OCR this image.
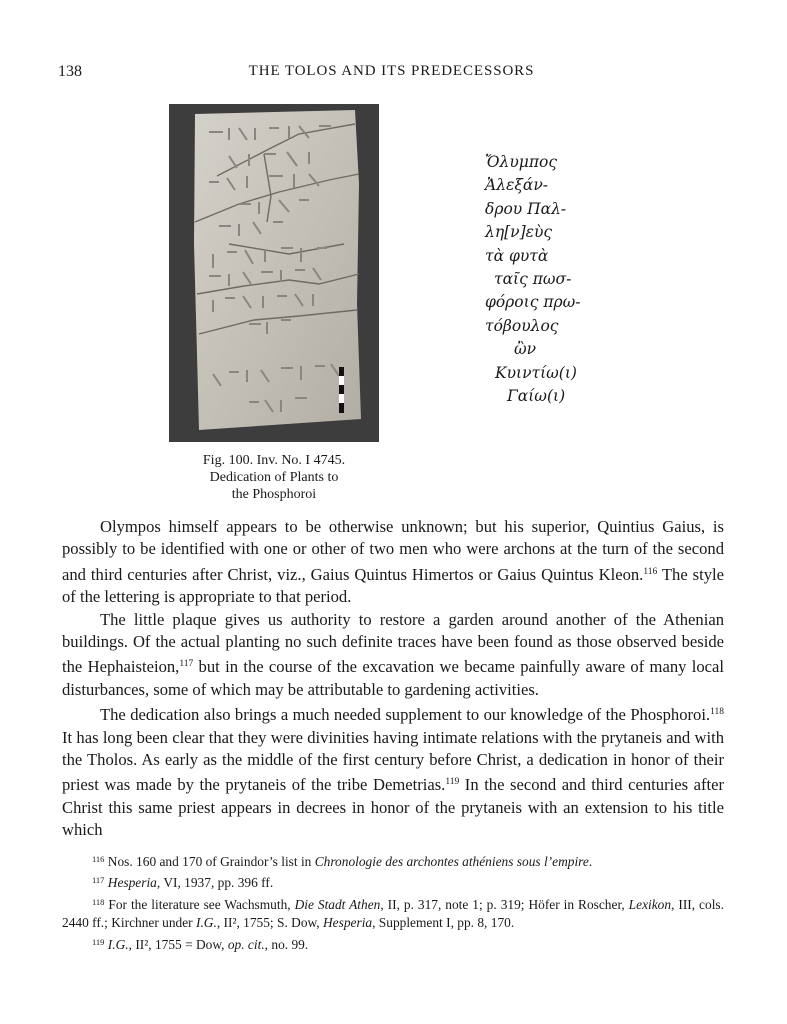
138	THE TOLOS AND ITS PREDECESSORS
Fig. 100. Inv. No. I 4745.
Dedication of Plants to
the Phosphoroi
Ὄλυμπος
Ἀλεξάν-
δρου Παλ-
λη[ν]εὺς
τὰ φυτὰ
ταῖς πωσ-
φόροις πρω-
τόβουλος
ὢν
Κυιντίω(ι)
Γαίω(ι)

Olympos himself appears to be otherwise unknown; but his superior, Quintius Gaius, is possibly to be identified with one or other of two men who were archons at the turn of the second and third centuries after Christ, viz., Gaius Quintus Himertos or Gaius Quintus Kleon.$^{116}$ The style of the lettering is appropriate to that period.

The little plaque gives us authority to restore a garden around another of the Athenian buildings. Of the actual planting no such definite traces have been found as those observed beside the Hephaisteion,$^{117}$ but in the course of the excavation we became painfully aware of many local disturbances, some of which may be attributable to gardening activities.

The dedication also brings a much needed supplement to our knowledge of the Phosphoroi.$^{118}$ It has long been clear that they were divinities having intimate relations with the prytaneis and with the Tholos. As early as the middle of the first century before Christ, a dedication in honor of their priest was made by the prytaneis of the tribe Demetrias.$^{119}$ In the second and third centuries after Christ this same priest appears in decrees in honor of the prytaneis with an extension to his title which

$^{116}$ Nos. 160 and 170 of Graindor’s list in Chronologie des archontes athéniens sous l’empire.

$^{117}$ Hesperia, VI, 1937, pp. 396 ff.

$^{118}$ For the literature see Wachsmuth, Die Stadt Athen, II, p. 317, note 1; p. 319; Höfer in Roscher, Lexikon, III, cols. 2440 ff.; Kirchner under I.G., II², 1755; S. Dow, Hesperia, Supplement I, pp. 8, 170.

$^{119}$ I.G., II², 1755 = Dow, op. cit., no. 99.
